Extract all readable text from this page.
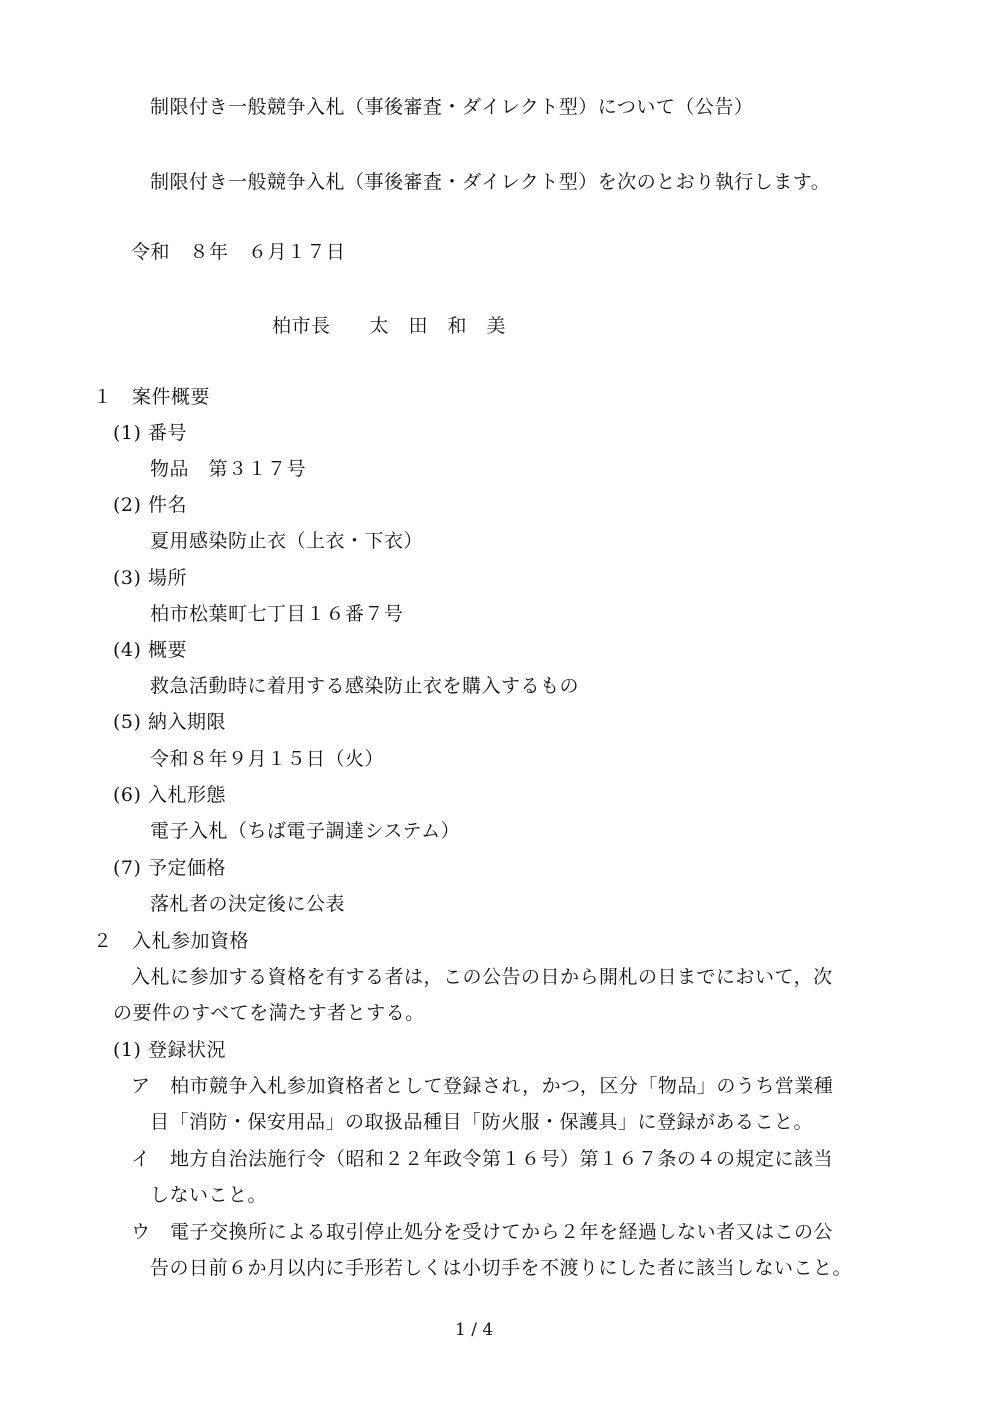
制限付き一般競争入札（事後審査・ダイレクト型）について（公告）
制限付き一般競争入札（事後審査・ダイレクト型）を次のとおり執行します。
令和　８年　６月１７日
柏市長　　太　田　和　美
１　案件概要
(1) 番号
物品　第３１７号
(2) 件名
夏用感染防止衣（上衣・下衣）
(3) 場所
柏市松葉町七丁目１６番７号
(4) 概要
救急活動時に着用する感染防止衣を購入するもの
(5) 納入期限
令和８年９月１５日（火）
(6) 入札形態
電子入札（ちば電子調達システム）
(7) 予定価格
落札者の決定後に公表
２　入札参加資格
入札に参加する資格を有する者は，この公告の日から開札の日までにおいて，次
の要件のすべてを満たす者とする。
(1) 登録状況
ア　柏市競争入札参加資格者として登録され，かつ，区分「物品」のうち営業種
目「消防・保安用品」の取扱品種目「防火服・保護具」に登録があること。
イ　地方自治法施行令（昭和２２年政令第１６号）第１６７条の４の規定に該当
しないこと。
ウ　電子交換所による取引停止処分を受けてから２年を経過しない者又はこの公
告の日前６か月以内に手形若しくは小切手を不渡りにした者に該当しないこと。
1 / 4
